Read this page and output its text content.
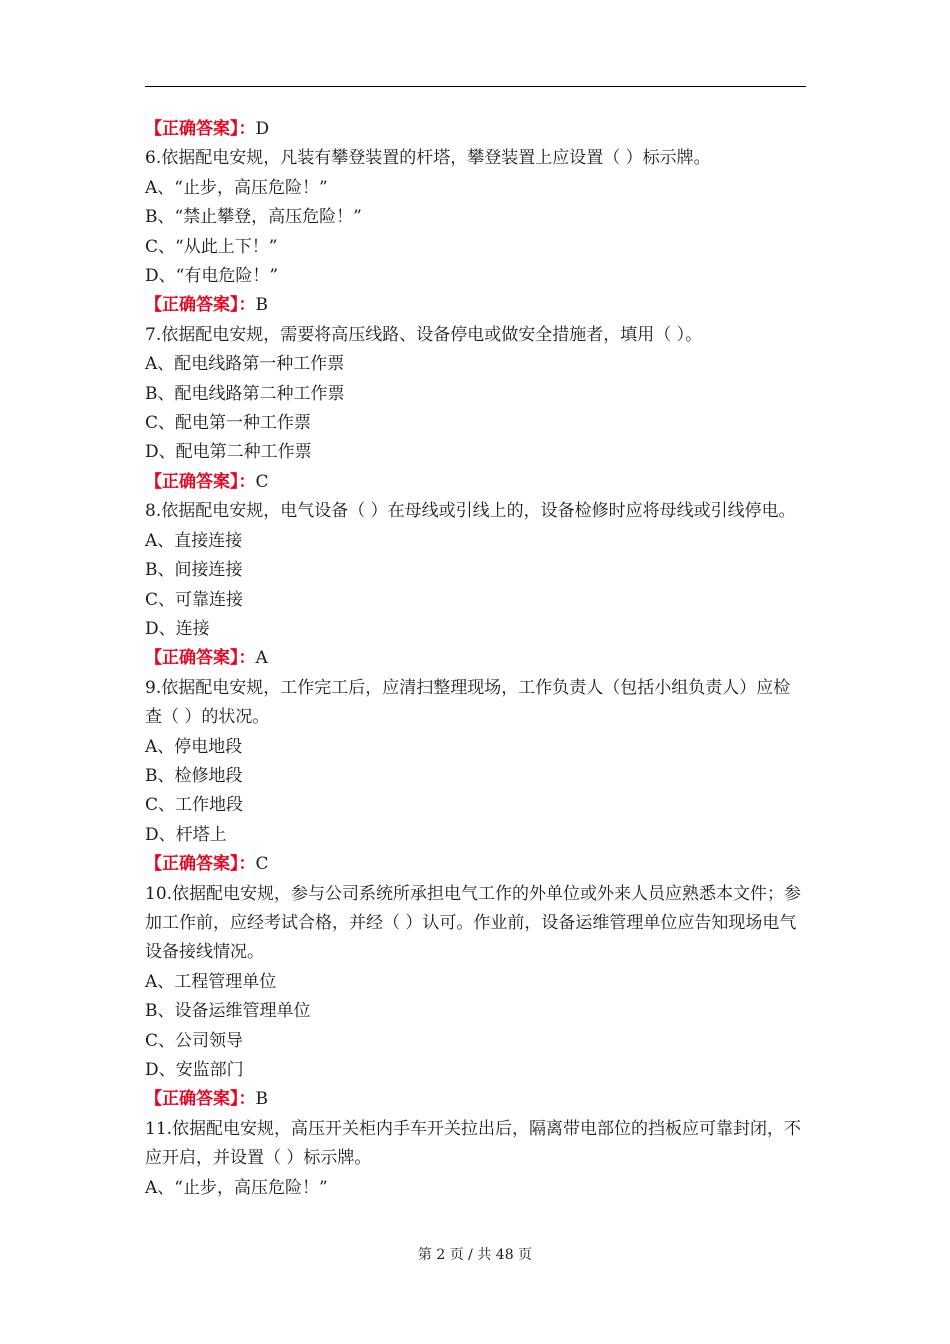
【正确答案】：D

6.依据配电安规，凡装有攀登装置的杆塔，攀登装置上应设置（ ）标示牌。

A、“止步，高压危险！”

B、“禁止攀登，高压危险！”

C、“从此上下！”

D、“有电危险！”

【正确答案】：B

7.依据配电安规，需要将高压线路、设备停电或做安全措施者，填用（ ）。

A、配电线路第一种工作票

B、配电线路第二种工作票

C、配电第一种工作票

D、配电第二种工作票

【正确答案】：C

8.依据配电安规，电气设备（ ）在母线或引线上的，设备检修时应将母线或引线停电。

A、直接连接

B、间接连接

C、可靠连接

D、连接

【正确答案】：A

9.依据配电安规，工作完工后，应清扫整理现场，工作负责人（包括小组负责人）应检查（ ）的状况。

A、停电地段

B、检修地段

C、工作地段

D、杆塔上

【正确答案】：C

10.依据配电安规，参与公司系统所承担电气工作的外单位或外来人员应熟悉本文件；参加工作前，应经考试合格，并经（ ）认可。作业前，设备运维管理单位应告知现场电气设备接线情况。

A、工程管理单位

B、设备运维管理单位

C、公司领导

D、安监部门

【正确答案】：B

11.依据配电安规，高压开关柜内手车开关拉出后，隔离带电部位的挡板应可靠封闭，不应开启，并设置（ ）标示牌。

A、“止步，高压危险！”

第 2 页 / 共 48 页
